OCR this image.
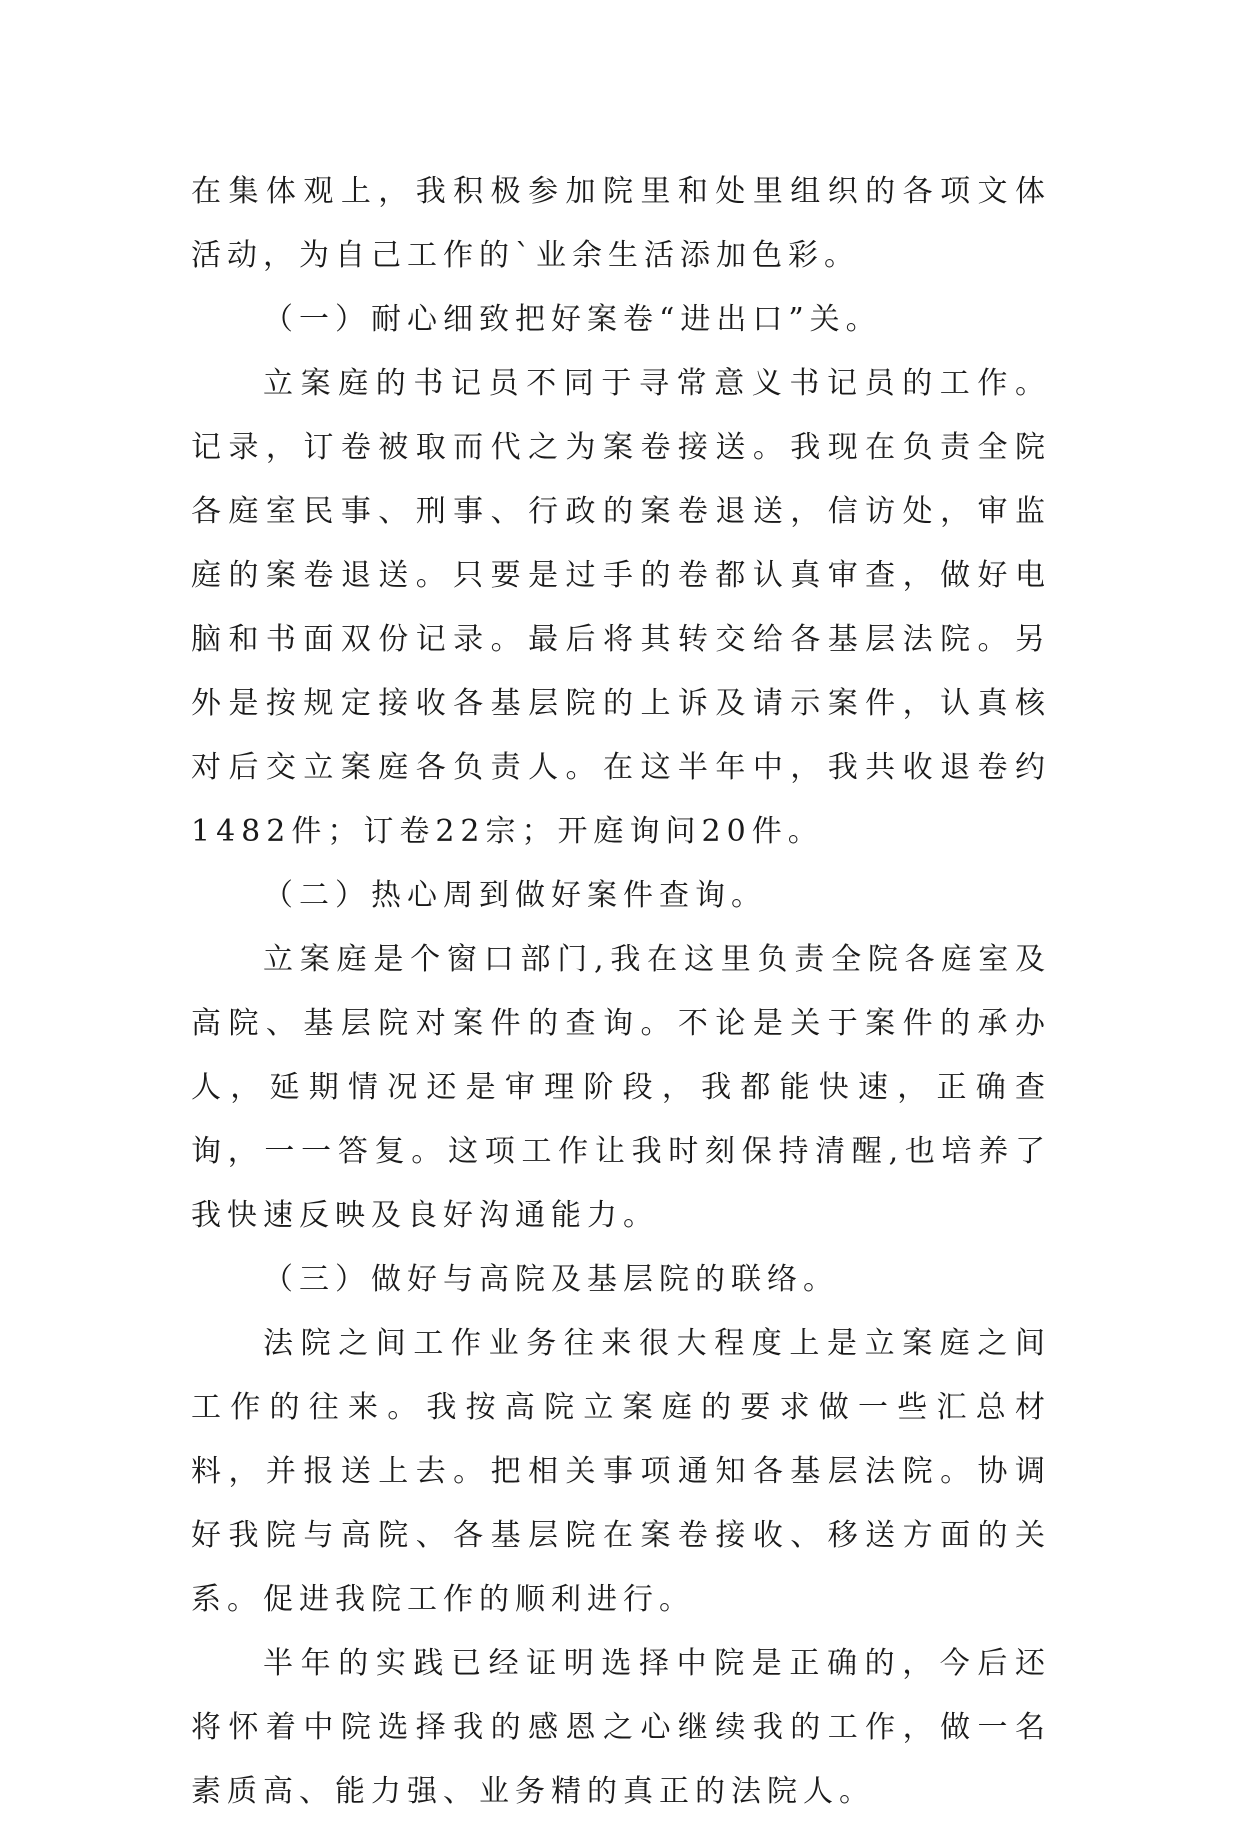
在集体观上，我积极参加院里和处里组织的各项文体活动，为自己工作的`业余生活添加色彩。

（一）耐心细致把好案卷“进出口”关。

立案庭的书记员不同于寻常意义书记员的工作。记录，订卷被取而代之为案卷接送。我现在负责全院各庭室民事、刑事、行政的案卷退送，信访处，审监庭的案卷退送。只要是过手的卷都认真审查，做好电脑和书面双份记录。最后将其转交给各基层法院。另外是按规定接收各基层院的上诉及请示案件，认真核对后交立案庭各负责人。在这半年中，我共收退卷约1482件；订卷22宗；开庭询问20件。

（二）热心周到做好案件查询。

立案庭是个窗口部门,我在这里负责全院各庭室及高院、基层院对案件的查询。不论是关于案件的承办人，延期情况还是审理阶段，我都能快速，正确查询，一一答复。这项工作让我时刻保持清醒,也培养了我快速反映及良好沟通能力。

（三）做好与高院及基层院的联络。

法院之间工作业务往来很大程度上是立案庭之间工作的往来。我按高院立案庭的要求做一些汇总材料，并报送上去。把相关事项通知各基层法院。协调好我院与高院、各基层院在案卷接收、移送方面的关系。促进我院工作的顺利进行。

半年的实践已经证明选择中院是正确的，今后还将怀着中院选择我的感恩之心继续我的工作，做一名素质高、能力强、业务精的真正的法院人。
